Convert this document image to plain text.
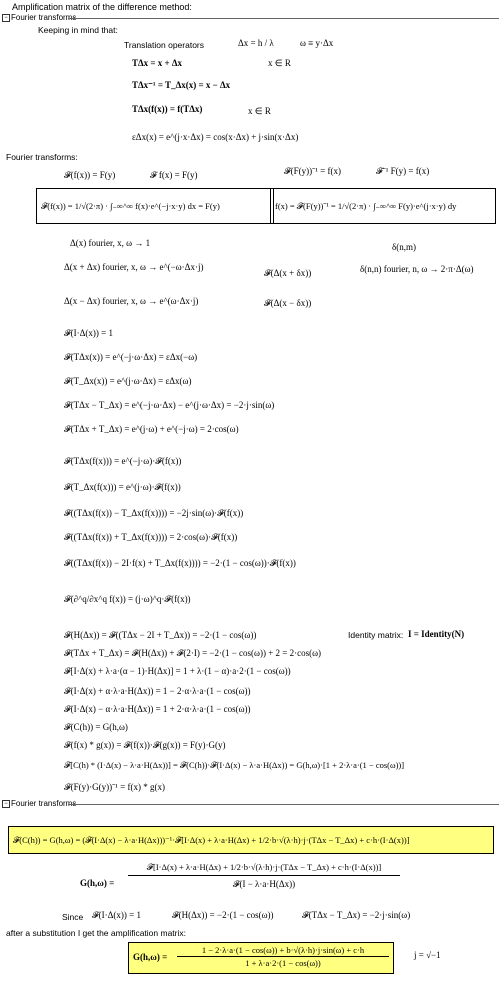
Amplification matrix of the difference method:
− Fourier transforms
Keeping in mind that:
Translation operators	Δx = h / λ	ω ≡ y·Δx
TΔx = x + Δx	x ∈ R
TΔx⁻¹ = T_Δx(x) = x − Δx
TΔx(f(x)) = f(TΔx)	x ∈ R
εΔx(x) = e^(j·x·Δx) = cos(x·Δx) + j·sin(x·Δx)
Fourier transforms:
𝓕(f(x)) = F(y)	𝓕 f(x) = F(y)	𝓕(F(y))⁻¹ = f(x)	𝓕⁻¹ F(y) = f(x)
𝓕(f(x)) = 1/√(2·π) · ∫₋∞^∞ f(x)·e^(−j·x·y) dx = F(y)	f(x) = 𝓕(F(y))⁻¹ = 1/√(2·π) · ∫₋∞^∞ F(y)·e^(j·x·y) dy
Δ(x) fourier, x, ω → 1	δ(n,m)
Δ(x + Δx) fourier, x, ω → e^(−ω·Δx·j)
𝓕(Δ(x + δx))	δ(n,n) fourier, n, ω → 2·π·Δ(ω)
Δ(x − Δx) fourier, x, ω → e^(ω·Δx·j)	𝓕(Δ(x − δx))
𝓕(I·Δ(x)) = 1
𝓕(TΔx(x)) = e^(−j·ω·Δx) = εΔx(−ω)
𝓕(T_Δx(x)) = e^(j·ω·Δx) = εΔx(ω)
𝓕(TΔx − T_Δx) = e^(−j·ω·Δx) − e^(j·ω·Δx) = −2·j·sin(ω)
𝓕(TΔx + T_Δx) = e^(j·ω) + e^(−j·ω) = 2·cos(ω)
𝓕(TΔx(f(x))) = e^(−j·ω)·𝓕(f(x))
𝓕(T_Δx(f(x))) = e^(j·ω)·𝓕(f(x))
𝓕((TΔx(f(x)) − T_Δx(f(x)))) = −2j·sin(ω)·𝓕(f(x))
𝓕((TΔx(f(x)) + T_Δx(f(x)))) = 2·cos(ω)·𝓕(f(x))
𝓕((TΔx(f(x)) − 2I·f(x) + T_Δx(f(x)))) = −2·(1 − cos(ω))·𝓕(f(x))
𝓕(∂^q/∂x^q f(x)) = (j·ω)^q·𝓕(f(x))
𝓕(H(Δx)) = 𝓕((TΔx − 2I + T_Δx)) = −2·(1 − cos(ω))	Identity matrix: I = Identity(N)
𝓕(TΔx + T_Δx) = 𝓕(H(Δx)) + 𝓕(2·I) = −2·(1 − cos(ω)) + 2 = 2·cos(ω)
𝓕[I·Δ(x) + λ·a·(α − 1)·H(Δx)] = 1 + λ·(1 − α)·a·2·(1 − cos(ω))
𝓕(I·Δ(x) + α·λ·a·H(Δx)) = 1 − 2·α·λ·a·(1 − cos(ω))
𝓕(I·Δ(x) − α·λ·a·H(Δx)) = 1 + 2·α·λ·a·(1 − cos(ω))
𝓕(C(h)) = G(h,ω)
𝓕(f(x) * g(x)) = 𝓕(f(x))·𝓕(g(x)) = F(y)·G(y)
𝓕[C(h) * (I·Δ(x) − λ·a·H(Δx))] = 𝓕(C(h))·𝓕(I·Δ(x) − λ·a·H(Δx)) = G(h,ω)·[1 + 2·λ·a·(1 − cos(ω))]
𝓕(F(y)·G(y))⁻¹ = f(x) * g(x)
− Fourier transforms
𝓕(C(h)) = G(h,ω) = (𝓕(I·Δ(x) − λ·a·H(Δx)))⁻¹·𝓕[I·Δ(x) + λ·a·H(Δx) + 1/2·b·√(λ·h)·j·(TΔx − T_Δx) + c·h·(I·Δ(x))]
G(h,ω) =
𝓕[I·Δ(x) + λ·a·H(Δx) + 1/2·b·√(λ·h)·j·(TΔx − T_Δx) + c·h·(I·Δ(x))]
𝓕(I − λ·a·H(Δx))
Since 𝓕(I·Δ(x)) = 1	𝓕(H(Δx)) = −2·(1 − cos(ω))	𝓕(TΔx − T_Δx) = −2·j·sin(ω)
after a substitution I get the amplification matrix:
$G(h,\omega) = \frac{1 - 2\cdot\lambda\cdot a\cdot(1 - \cos(\omega)) + b\cdot√(\lambda\cdot h)\cdot j\cdot\sin(\omega) + c\cdot h}{1 + \lambda\cdot a\cdot 2\cdot(1 - \cos(\omega))}$	j = √−1
